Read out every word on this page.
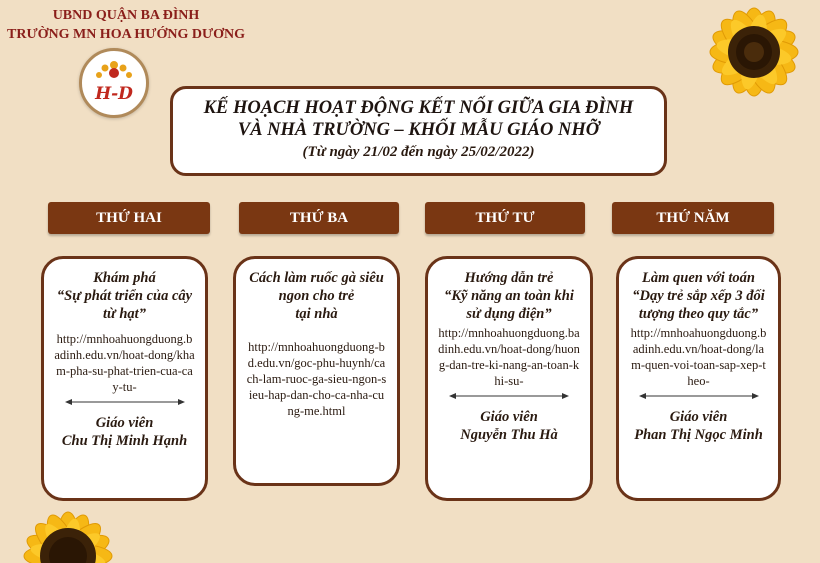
UBND QUẬN BA ĐÌNH
TRƯỜNG MN HOA HƯỚNG DƯƠNG
H-D
KẾ HOẠCH HOẠT ĐỘNG KẾT NỐI GIỮA GIA ĐÌNH
VÀ NHÀ TRƯỜNG – KHỐI MẪU GIÁO NHỠ
(Từ ngày 21/02 đến ngày 25/02/2022)
THỨ HAI	THỨ BA	THỨ TƯ	THỨ NĂM
Khám phá
“Sự phát triển của cây từ hạt”
http://mnhoahuongduong.badinh.edu.vn/hoat-dong/kham-pha-su-phat-trien-cua-cay-tu-
Giáo viên
Chu Thị Minh Hạnh
Cách làm ruốc gà siêu ngon cho trẻ
tại nhà
http://mnhoahuongduong-bd.edu.vn/goc-phu-huynh/cach-lam-ruoc-ga-sieu-ngon-sieu-hap-dan-cho-ca-nha-cung-me.html
Hướng dẫn trẻ
“Kỹ năng an toàn khi sử dụng điện”
http://mnhoahuongduong.badinh.edu.vn/hoat-dong/huong-dan-tre-ki-nang-an-toan-khi-su-
Giáo viên
Nguyễn Thu Hà
Làm quen với toán
“Dạy trẻ sắp xếp 3 đối tượng theo quy tắc”
http://mnhoahuongduong.badinh.edu.vn/hoat-dong/lam-quen-voi-toan-sap-xep-theo-
Giáo viên
Phan Thị Ngọc Minh
